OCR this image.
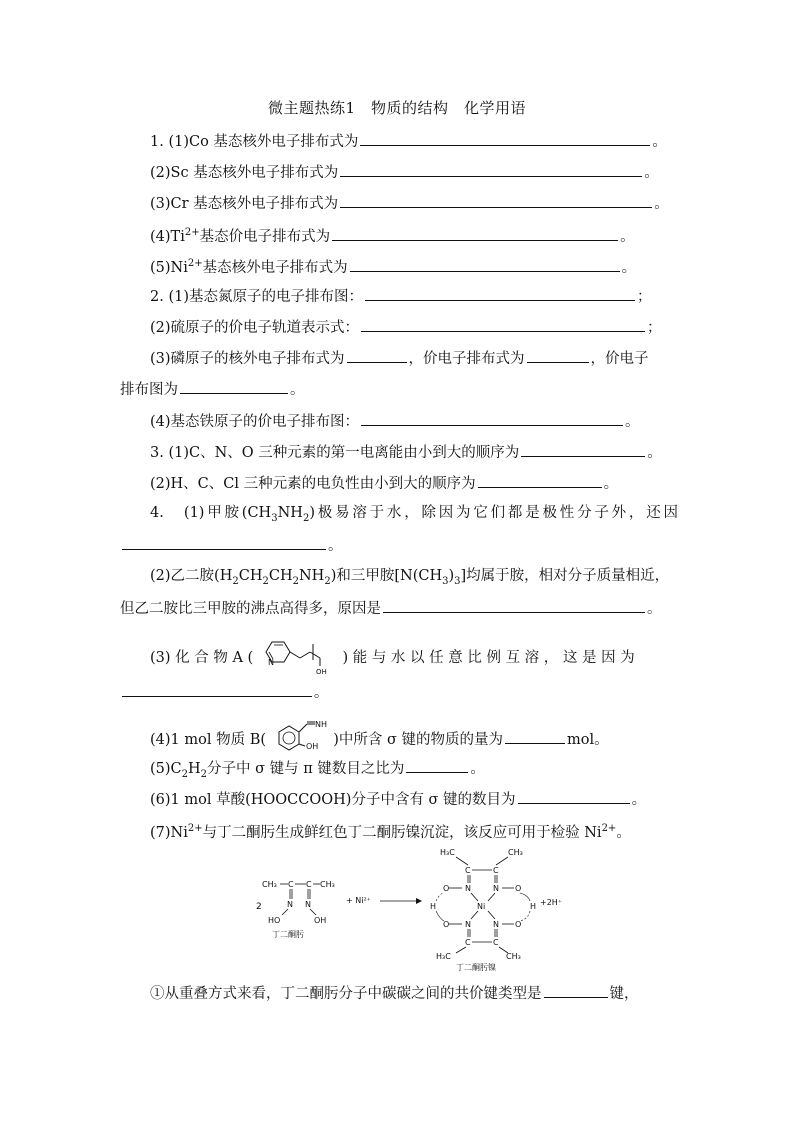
微主题热练1　物质的结构　化学用语
1. (1)Co 基态核外电子排布式为	。
(2)Sc 基态核外电子排布式为	。
(3)Cr 基态核外电子排布式为	。
$(4)Ti^{2+}$基态价电子排布式为	。
$(5)Ni^{2+}$基态核外电子排布式为	。
2. (1)基态氮原子的电子排布图：	；
(2)硫原子的价电子轨道表示式：	；
(3)磷原子的核外电子排布式为	，价电子排布式为	，价电子
排布图为	。
(4)基态铁原子的价电子排布图：	。
3. (1)C、N、O 三种元素的第一电离能由小到大的顺序为	。
(2)H、C、Cl 三种元素的电负性由小到大的顺序为	。
4.　(1)甲胺$(CH_3NH_2)$极易溶于水，除因为它们都是极性分子外，还因
。
(2)乙二胺$(H_2CH_2CH_2NH_2)$和三甲胺$[N(CH_3)_3]$均属于胺，相对分子质量相近，
但乙二胺比三甲胺的沸点高得多，原因是	。
(3) 化 合 物 A ( N
OH
) 能 与 水 以 任 意 比 例 互 溶 ， 这 是 因 为
。
(4)1 mol 物质 B(
NH
OH )中所含 σ 键的物质的量为	mol。
$(5)C_2H_2$分子中 σ 键与 π 键数目之比为	。
(6)1 mol 草酸(HOOCCOOH)分子中含有 σ 键的数目为	。
$(7)Ni^{2+}$与丁二酮肟生成鲜红色丁二酮肟镍沉淀，该反应可用于检验 $Ni^{2+}$。
2
CH₃ C C CH₃
N N
HO	OH
丁二酮肟
+ Ni²⁺
H₃C	CH₃
C	C
O N	N O
Ni
H	H
O N	N O
C	C
H₃C	CH₃
+2H⁺
丁二酮肟镍
①从重叠方式来看，丁二酮肟分子中碳碳之间的共价键类型是	键，
